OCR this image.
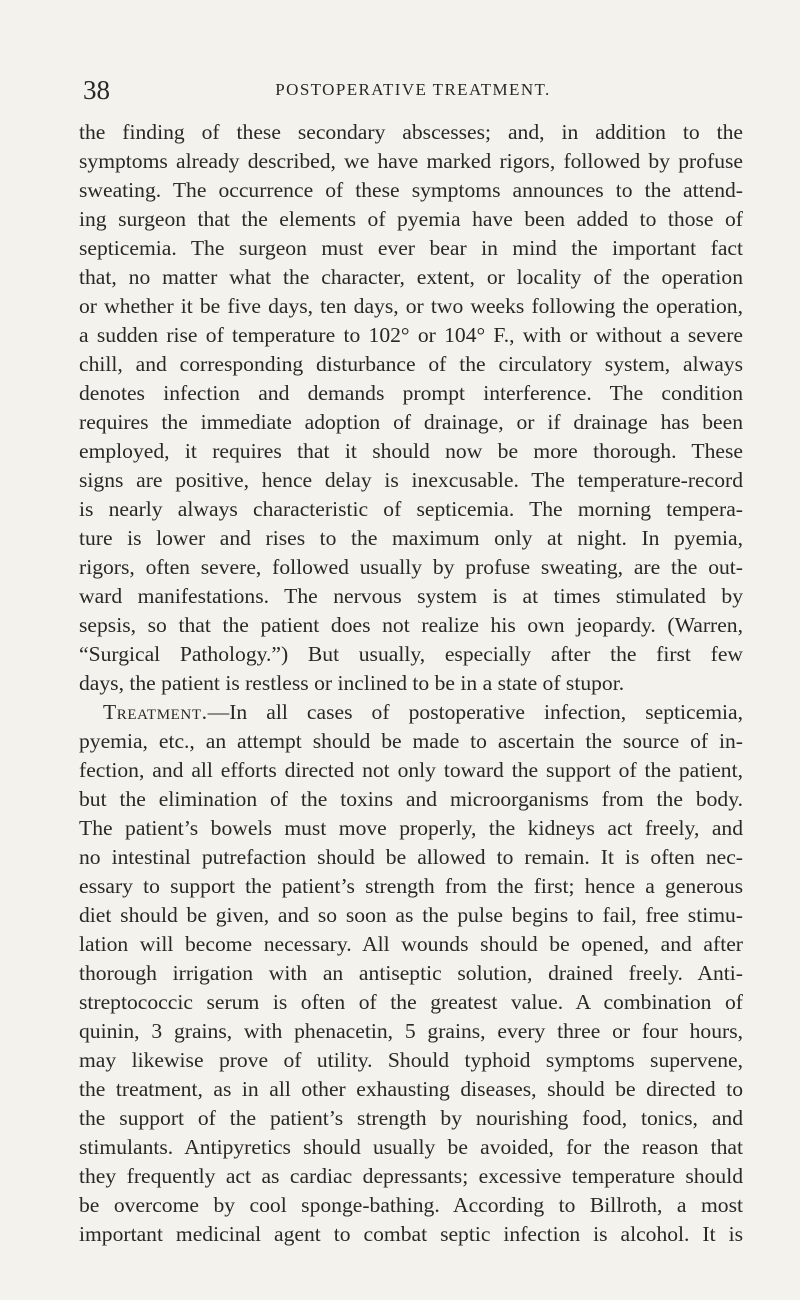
38	POSTOPERATIVE TREATMENT.
the finding of these secondary abscesses; and, in addition to the
symptoms already described, we have marked rigors, followed by profuse
sweating. The occurrence of these symptoms announces to the attend-
ing surgeon that the elements of pyemia have been added to those of
septicemia. The surgeon must ever bear in mind the important fact
that, no matter what the character, extent, or locality of the operation
or whether it be five days, ten days, or two weeks following the operation,
a sudden rise of temperature to 102° or 104° F., with or without a severe
chill, and corresponding disturbance of the circulatory system, always
denotes infection and demands prompt interference. The condition
requires the immediate adoption of drainage, or if drainage has been
employed, it requires that it should now be more thorough. These
signs are positive, hence delay is inexcusable. The temperature-record
is nearly always characteristic of septicemia. The morning tempera-
ture is lower and rises to the maximum only at night. In pyemia,
rigors, often severe, followed usually by profuse sweating, are the out-
ward manifestations. The nervous system is at times stimulated by
sepsis, so that the patient does not realize his own jeopardy. (Warren,
“Surgical Pathology.”) But usually, especially after the first few
days, the patient is restless or inclined to be in a state of stupor.
Treatment.—In all cases of postoperative infection, septicemia,
pyemia, etc., an attempt should be made to ascertain the source of in-
fection, and all efforts directed not only toward the support of the patient,
but the elimination of the toxins and microorganisms from the body.
The patient’s bowels must move properly, the kidneys act freely, and
no intestinal putrefaction should be allowed to remain. It is often nec-
essary to support the patient’s strength from the first; hence a generous
diet should be given, and so soon as the pulse begins to fail, free stimu-
lation will become necessary. All wounds should be opened, and after
thorough irrigation with an antiseptic solution, drained freely. Anti-
streptococcic serum is often of the greatest value. A combination of
quinin, 3 grains, with phenacetin, 5 grains, every three or four hours,
may likewise prove of utility. Should typhoid symptoms supervene,
the treatment, as in all other exhausting diseases, should be directed to
the support of the patient’s strength by nourishing food, tonics, and
stimulants. Antipyretics should usually be avoided, for the reason that
they frequently act as cardiac depressants; excessive temperature should
be overcome by cool sponge-bathing. According to Billroth, a most
important medicinal agent to combat septic infection is alcohol. It is
